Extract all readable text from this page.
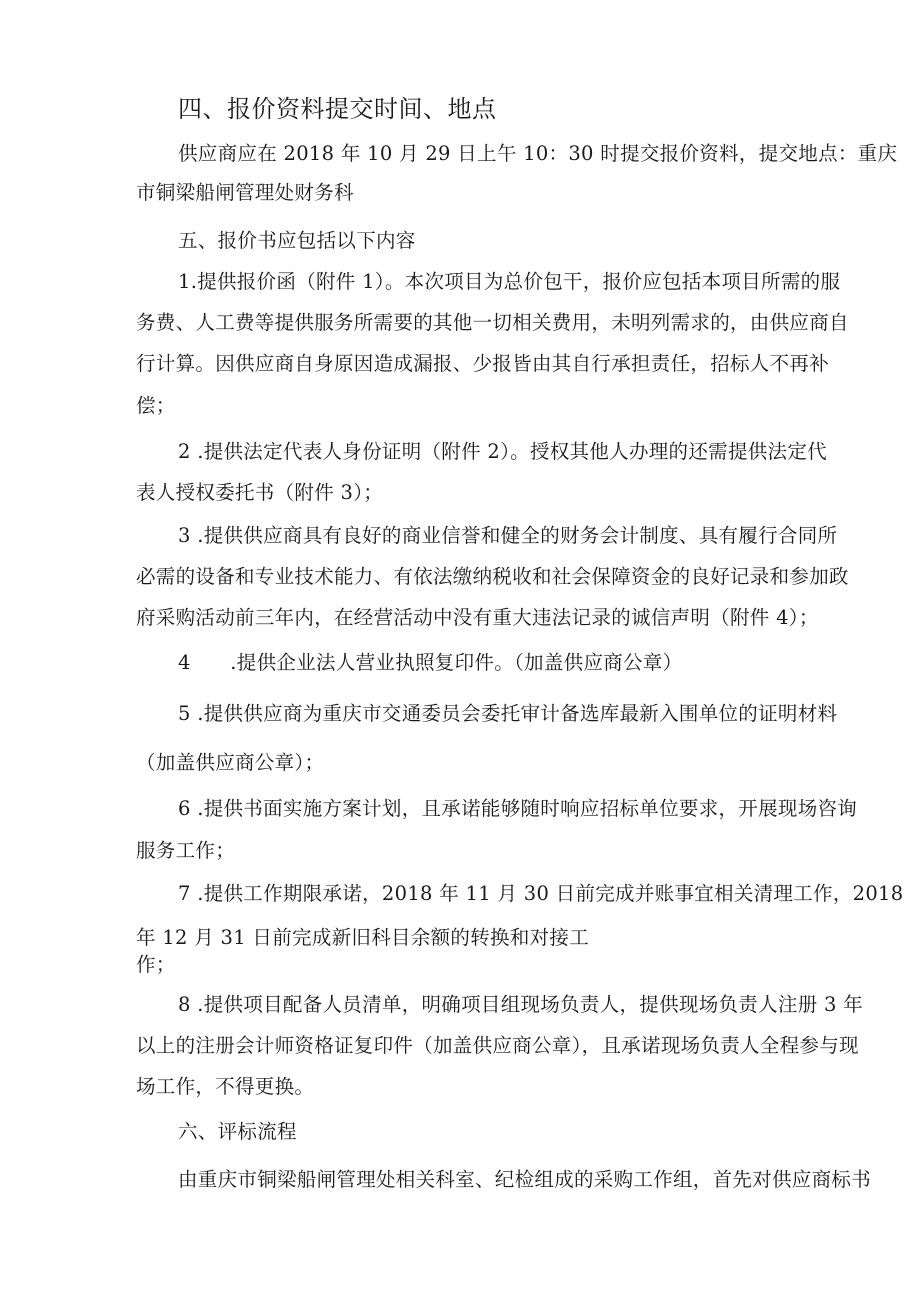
四、报价资料提交时间、地点
供应商应在 2018 年 10 月 29 日上午 10：30 时提交报价资料，提交地点：重庆
市铜梁船闸管理处财务科
五、报价书应包括以下内容
1.提供报价函（附件 1）。本次项目为总价包干，报价应包括本项目所需的服
务费、人工费等提供服务所需要的其他一切相关费用，未明列需求的，由供应商自
行计算。因供应商自身原因造成漏报、少报皆由其自行承担责任，招标人不再补
偿；
2 .提供法定代表人身份证明（附件 2）。授权其他人办理的还需提供法定代
表人授权委托书（附件 3）；
3 .提供供应商具有良好的商业信誉和健全的财务会计制度、具有履行合同所
必需的设备和专业技术能力、有依法缴纳税收和社会保障资金的良好记录和参加政
府采购活动前三年内，在经营活动中没有重大违法记录的诚信声明（附件 4）；
4　　.提供企业法人营业执照复印件。（加盖供应商公章）
5 .提供供应商为重庆市交通委员会委托审计备选库最新入围单位的证明材料
（加盖供应商公章）；
6 .提供书面实施方案计划，且承诺能够随时响应招标单位要求，开展现场咨询
服务工作；
7 .提供工作期限承诺，2018 年 11 月 30 日前完成并账事宜相关清理工作，2018
年 12 月 31 日前完成新旧科目余额的转换和对接工
作；
8 .提供项目配备人员清单，明确项目组现场负责人，提供现场负责人注册 3 年
以上的注册会计师资格证复印件（加盖供应商公章），且承诺现场负责人全程参与现
场工作，不得更换。
六、评标流程
由重庆市铜梁船闸管理处相关科室、纪检组成的采购工作组，首先对供应商标书
